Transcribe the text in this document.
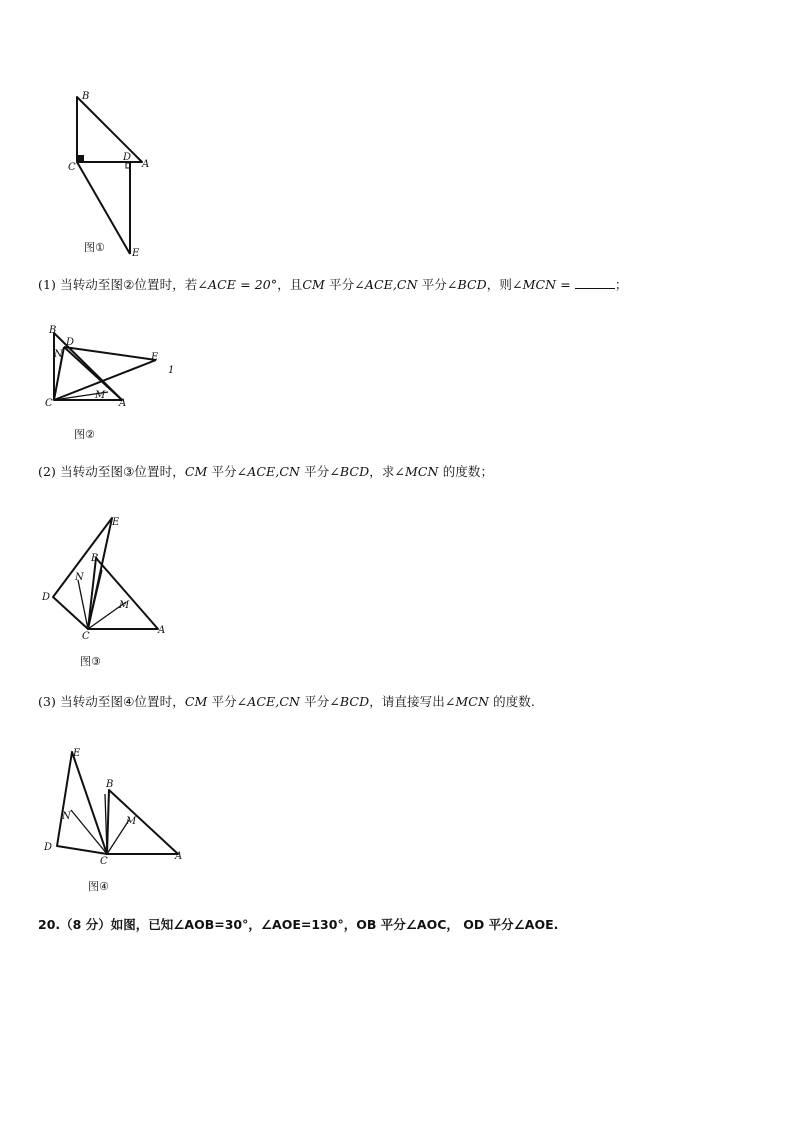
B
C
D
A
E
图①
(1) 当转动至图②位置时，若∠ACE = 20°，且CM 平分∠ACE,CN 平分∠BCD，则∠MCN =	；
B
N
D
E
C
M
A
1
图②
(2) 当转动至图③位置时，CM 平分∠ACE,CN 平分∠BCD，求∠MCN 的度数；
E
B
N
D
M
C
A
图③
(3) 当转动至图④位置时，CM 平分∠ACE,CN 平分∠BCD，请直接写出∠MCN 的度数.
E
B
N	M
D
C	A
图④
20.（8 分）如图，已知∠AOB=30°，∠AOE=130°，OB 平分∠AOC， OD 平分∠AOE.
